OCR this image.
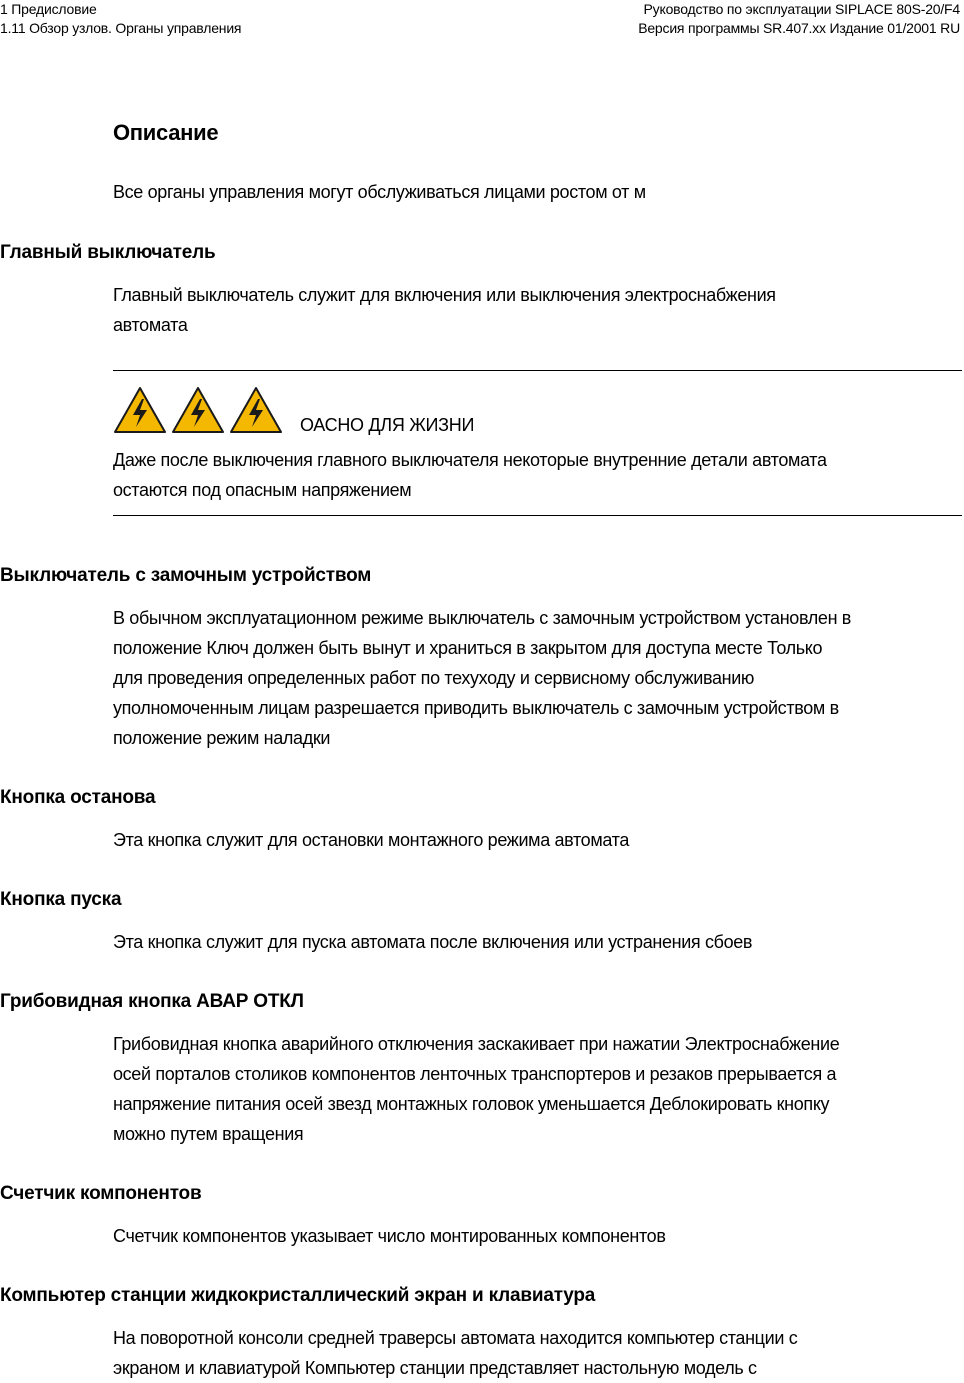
1 Предисловие
1.11 Обзор узлов. Органы управления
Руководство по эксплуатации SIPLACE 80S-20/F4
Версия программы SR.407.xx Издание 01/2001 RU
Описание
Все органы управления могут обслуживаться лицами ростом от м
Главный выключатель
Главный выключатель служит для включения или выключения электроснабжения
автомата
ОАСНО ДЛЯ ЖИЗНИ
Даже после выключения главного выключателя некоторые внутренние детали автомата
остаются под опасным напряжением
Выключатель с замочным устройством
В обычном эксплуатационном режиме выключатель с замочным устройством установлен в
положение Ключ должен быть вынут и храниться в закрытом для доступа месте Только
для проведения определенных работ по техуходу и сервисному обслуживанию
уполномоченным лицам разрешается приводить выключатель с замочным устройством в
положение режим наладки
Кнопка останова
Эта кнопка служит для остановки монтажного режима автомата
Кнопка пуска
Эта кнопка служит для пуска автомата после включения или устранения сбоев
Грибовидная кнопка АВАР ОТКЛ
Грибовидная кнопка аварийного отключения заскакивает при нажатии Электроснабжение
осей порталов столиков компонентов ленточных транспортеров и резаков прерывается а
напряжение питания осей звезд монтажных головок уменьшается Деблокировать кнопку
можно путем вращения
Счетчик компонентов
Счетчик компонентов указывает число монтированных компонентов
Компьютер станции жидкокристаллический экран и клавиатура
На поворотной консоли средней траверсы автомата находится компьютер станции с
экраном и клавиатурой Компьютер станции представляет настольную модель с
